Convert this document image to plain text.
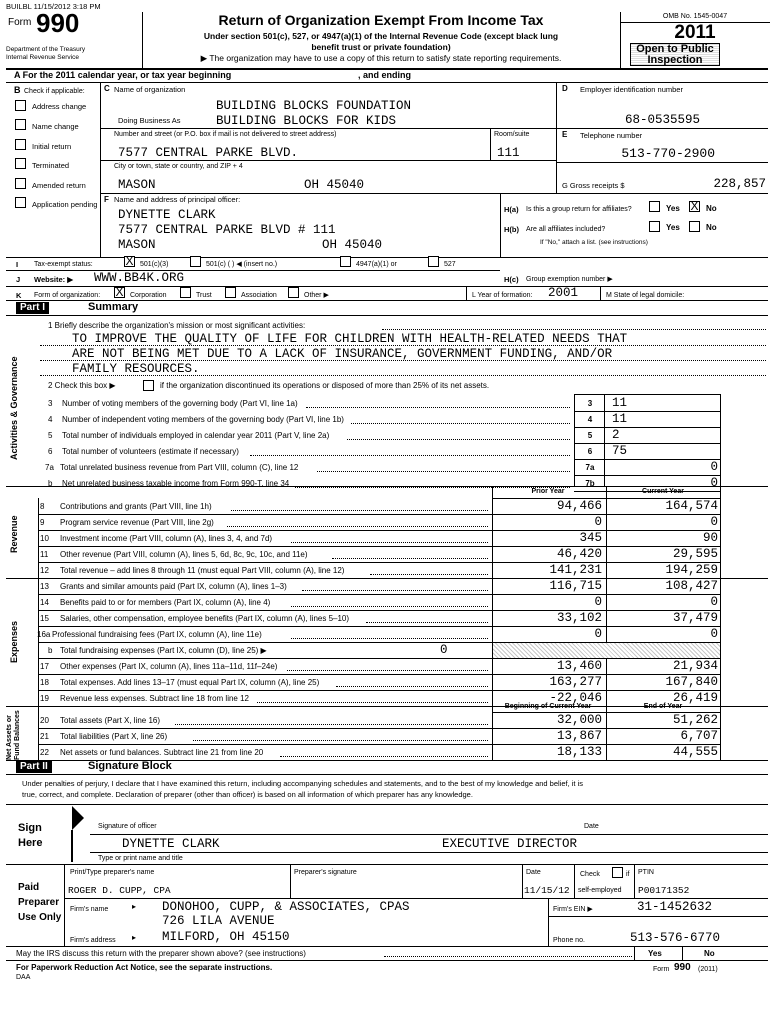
BUILBL 11/15/2012 3:18 PM
Form 990
Department of the Treasury
Internal Revenue Service
Return of Organization Exempt From Income Tax
Under section 501(c), 527, or 4947(a)(1) of the Internal Revenue Code (except black lung
benefit trust or private foundation)
▶ The organization may have to use a copy of this return to satisfy state reporting requirements.
OMB No. 1545-0047
2011
Open to Public
Inspection
A For the 2011 calendar year, or tax year beginning	, and ending
B Check if applicable:
Address change
Name change
Initial return
Terminated
Amended return
Application pending
C Name of organization
BUILDING BLOCKS FOUNDATION
Doing Business As	BUILDING BLOCKS FOR KIDS
Number and street (or P.O. box if mail is not delivered to street address)	Room/suite
7577 CENTRAL PARKE BLVD.	111
City or town, state or country, and ZIP + 4
MASON	OH 45040
D Employer identification number
68-0535595
E Telephone number
513-770-2900
G Gross receipts $	228,857
F Name and address of principal officer:
DYNETTE CLARK
7577 CENTRAL PARKE BLVD # 111
MASON	OH 45040
H(a) Is this a group return for affiliates?	Yes X No
H(b) Are all affiliates included?	Yes	No
If "No," attach a list. (see instructions)
I Tax-exempt status:	X 501(c)(3)	501(c) ( ) ◀ (insert no.)	4947(a)(1) or	527
J Website: ▶ WWW.BB4K.ORG	H(c) Group exemption number ▶
K Form of organization: X Corporation	Trust	Association	Other ▶	L Year of formation: 2001	M State of legal domicile:
Part I	Summary
Activities & Governance
Revenue
Expenses
Net Assets or Fund Balances
1 Briefly describe the organization's mission or most significant activities:
TO IMPROVE THE QUALITY OF LIFE FOR CHILDREN WITH HEALTH-RELATED NEEDS THAT
ARE NOT BEING MET DUE TO A LACK OF INSURANCE, GOVERNMENT FUNDING, AND/OR
FAMILY RESOURCES.
2 Check this box ▶	if the organization discontinued its operations or disposed of more than 25% of its net assets.
3 Number of voting members of the governing body (Part VI, line 1a)	3	11
4 Number of independent voting members of the governing body (Part VI, line 1b)	4	11
5 Total number of individuals employed in calendar year 2011 (Part V, line 2a)	5	2
6 Total number of volunteers (estimate if necessary)	6	75
7a Total unrelated business revenue from Part VIII, column (C), line 12	7a	0
b Net unrelated business taxable income from Form 990-T, line 34	7b	0
8 Contributions and grants (Part VIII, line 1h)	94,466	164,574
9 Program service revenue (Part VIII, line 2g)	0	0
10 Investment income (Part VIII, column (A), lines 3, 4, and 7d)	345	90
11 Other revenue (Part VIII, column (A), lines 5, 6d, 8c, 9c, 10c, and 11e)	46,420	29,595
12 Total revenue – add lines 8 through 11 (must equal Part VIII, column (A), line 12)	141,231	194,259
13 Grants and similar amounts paid (Part IX, column (A), lines 1–3)	116,715	108,427
14 Benefits paid to or for members (Part IX, column (A), line 4)	0	0
15 Salaries, other compensation, employee benefits (Part IX, column (A), lines 5–10)	33,102	37,479
16a Professional fundraising fees (Part IX, column (A), line 11e)	0	0
b Total fundraising expenses (Part IX, column (D), line 25) ▶	0
17 Other expenses (Part IX, column (A), lines 11a–11d, 11f–24e)	13,460	21,934
18 Total expenses. Add lines 13–17 (must equal Part IX, column (A), line 25)	163,277	167,840
19 Revenue less expenses. Subtract line 18 from line 12	-22,046	26,419
20 Total assets (Part X, line 16)	32,000	51,262
21 Total liabilities (Part X, line 26)	13,867	6,707
22 Net assets or fund balances. Subtract line 21 from line 20	18,133	44,555
Prior Year	Current Year
Beginning of Current Year	End of Year
Part II	Signature Block
Under penalties of perjury, I declare that I have examined this return, including accompanying schedules and statements, and to the best of my knowledge and belief, it is
true, correct, and complete. Declaration of preparer (other than officer) is based on all information of which preparer has any knowledge.
Sign
Here
Signature of officer	Date
DYNETTE CLARK	EXECUTIVE DIRECTOR
Type or print name and title
Paid
Preparer
Use Only
Print/Type preparer's name	Preparer's signature	Date	Check	if PTIN
ROGER D. CUPP, CPA	11/15/12 self-employed P00171352
Firm's name	▸ DONOHOO, CUPP, & ASSOCIATES, CPAS	Firm's EIN ▶	31-1452632
726 LILA AVENUE
Firm's address ▸ MILFORD, OH 45150	Phone no.	513-576-6770
May the IRS discuss this return with the preparer shown above? (see instructions)	Yes	No
For Paperwork Reduction Act Notice, see the separate instructions.
DAA
Form 990 (2011)
